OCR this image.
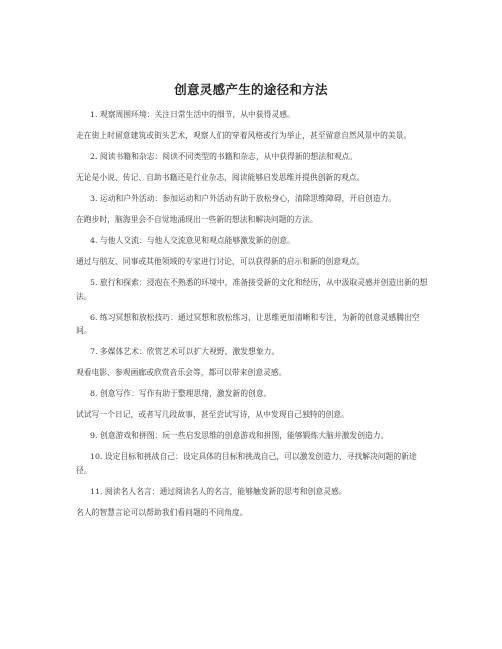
创意灵感产生的途径和方法

1. 观察周围环境：关注日常生活中的细节，从中获得灵感。

走在街上时留意建筑或街头艺术，观察人们的穿着风格或行为举止，甚至留意自然风景中的美景。

2. 阅读书籍和杂志：阅读不同类型的书籍和杂志，从中获得新的想法和观点。

无论是小说、传记、自助书籍还是行业杂志，阅读能够启发思维并提供创新的观点。

3. 运动和户外活动：参加运动和户外活动有助于放松身心，清除思维障碍，开启创造力。

在跑步时，脑海里会不自觉地涌现出一些新的想法和解决问题的方法。

4. 与他人交流：与他人交流意见和观点能够激发新的创意。

通过与朋友、同事或其他领域的专家进行讨论，可以获得新的启示和新的创意观点。

5. 旅行和探索：浸泡在不熟悉的环境中，准备接受新的文化和经历，从中汲取灵感并创造出新的想法。

6. 练习冥想和放松技巧：通过冥想和放松练习，让思维更加清晰和专注，为新的创意灵感腾出空间。

7. 多媒体艺术：欣赏艺术可以扩大视野，激发想象力。

观看电影、参观画廊或欣赏音乐会等，都可以带来创意灵感。

8. 创意写作：写作有助于整理思绪，激发新的创意。

试试写一个日记，或者写几段故事，甚至尝试写诗，从中发现自己独特的创意。

9. 创意游戏和拼图：玩一些启发思维的创意游戏和拼图，能够锻炼大脑并激发创造力。

10. 设定目标和挑战自己：设定具体的目标和挑战自己，可以激发创造力、寻找解决问题的新途径。

11. 阅读名人名言：通过阅读名人的名言，能够触发新的思考和创意灵感。

名人的智慧言论可以帮助我们看问题的不同角度。
